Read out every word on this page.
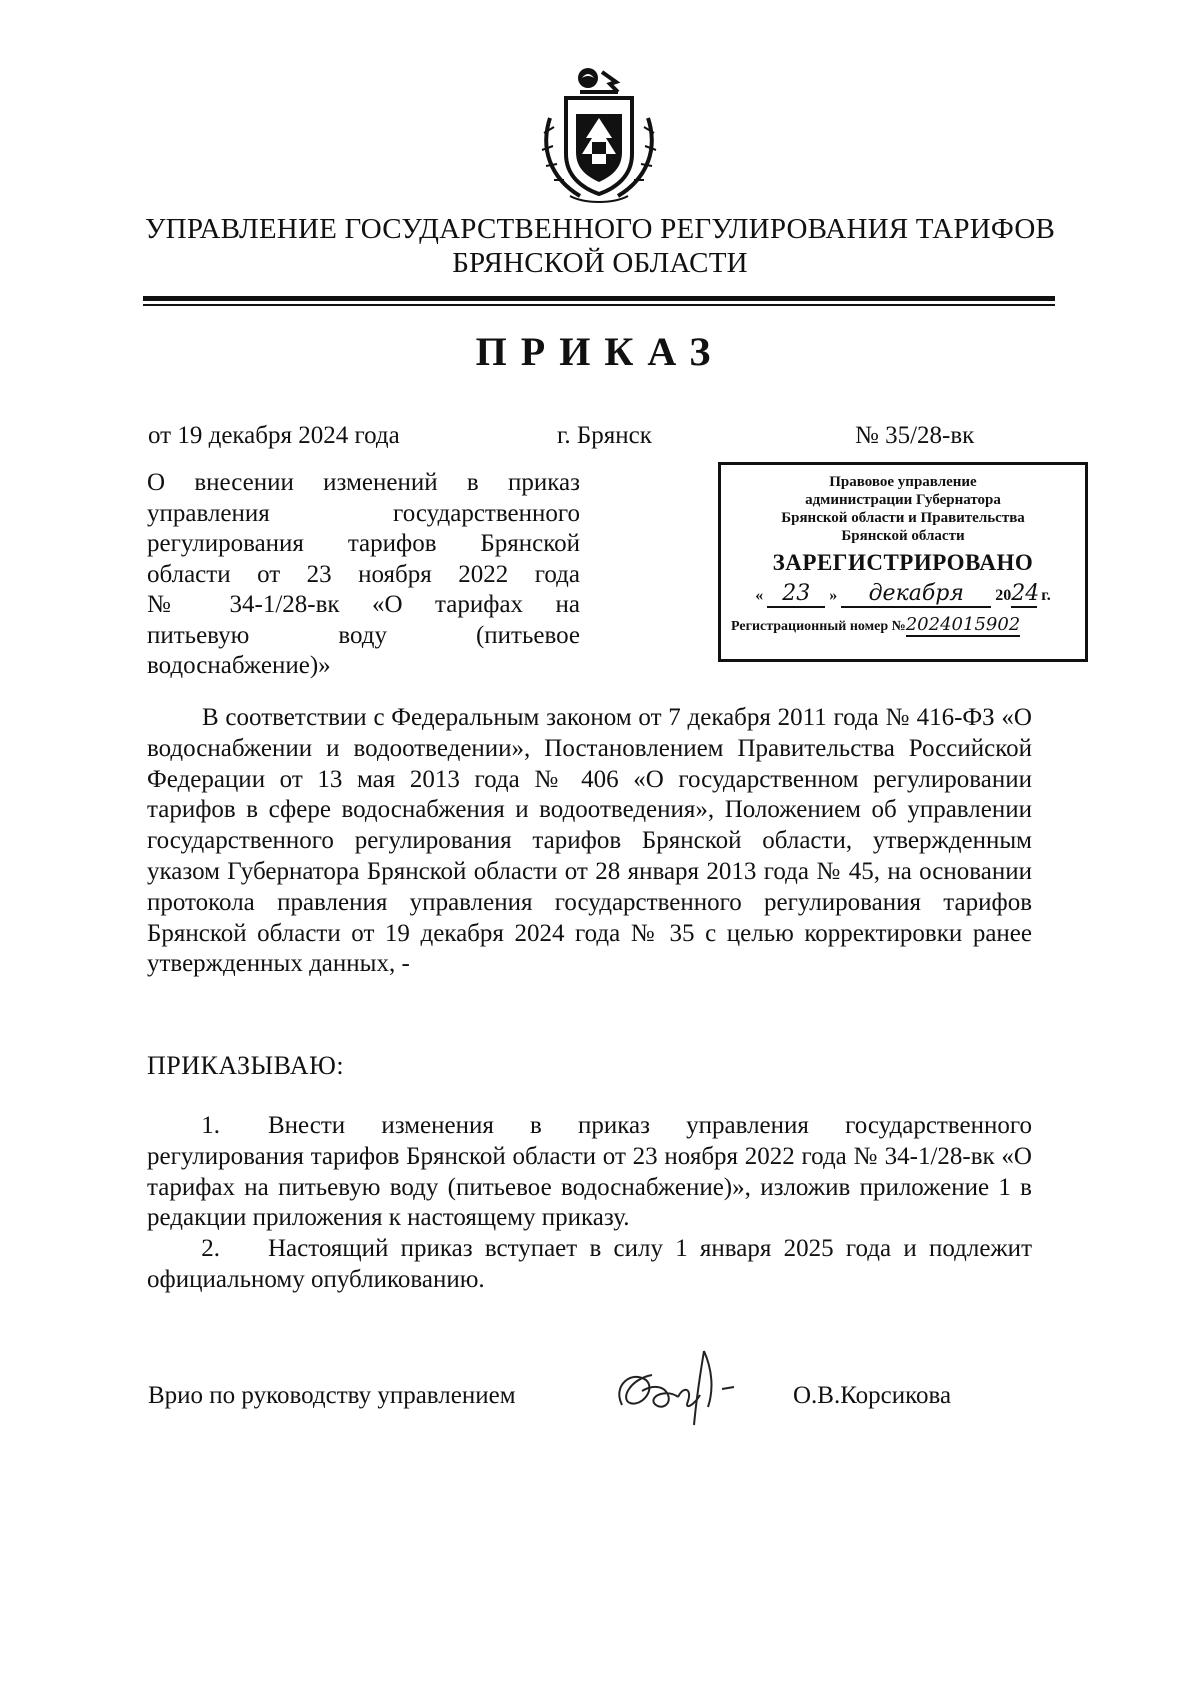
УПРАВЛЕНИЕ ГОСУДАРСТВЕННОГО РЕГУЛИРОВАНИЯ ТАРИФОВ
БРЯНСКОЙ ОБЛАСТИ
ПРИКАЗ
от 19 декабря 2024 года	г. Брянск	№ 35/28-вк
О внесении изменений в приказ
управления государственного
регулирования тарифов Брянской
области от 23 ноября 2022 года
№ 34-1/28-вк «О тарифах на
питьевую воду (питьевое
водоснабжение)»
Правовое управление
администрации Губернатора
Брянской области и Правительства
Брянской области
ЗАРЕГИСТРИРОВАНО
« 23 » декабря 2024 г.
Регистрационный номер №2024015902
В соответствии с Федеральным законом от 7 декабря 2011 года № 416-ФЗ «О водоснабжении и водоотведении», Постановлением Правительства Российской Федерации от 13 мая 2013 года № 406 «О государственном регулировании тарифов в сфере водоснабжения и водоотведения», Положением об управлении государственного регулирования тарифов Брянской области, утвержденным указом Губернатора Брянской области от 28 января 2013 года № 45, на основании протокола правления управления государственного регулирования тарифов Брянской области от 19 декабря 2024 года № 35 с целью корректировки ранее утвержденных данных, -
ПРИКАЗЫВАЮ:
1. Внести изменения в приказ управления государственного регулирования тарифов Брянской области от 23 ноября 2022 года № 34-1/28-вк «О тарифах на питьевую воду (питьевое водоснабжение)», изложив приложение 1 в редакции приложения к настоящему приказу.
2. Настоящий приказ вступает в силу 1 января 2025 года и подлежит официальному опубликованию.
Врио по руководству управлением	О.В.Корсикова
